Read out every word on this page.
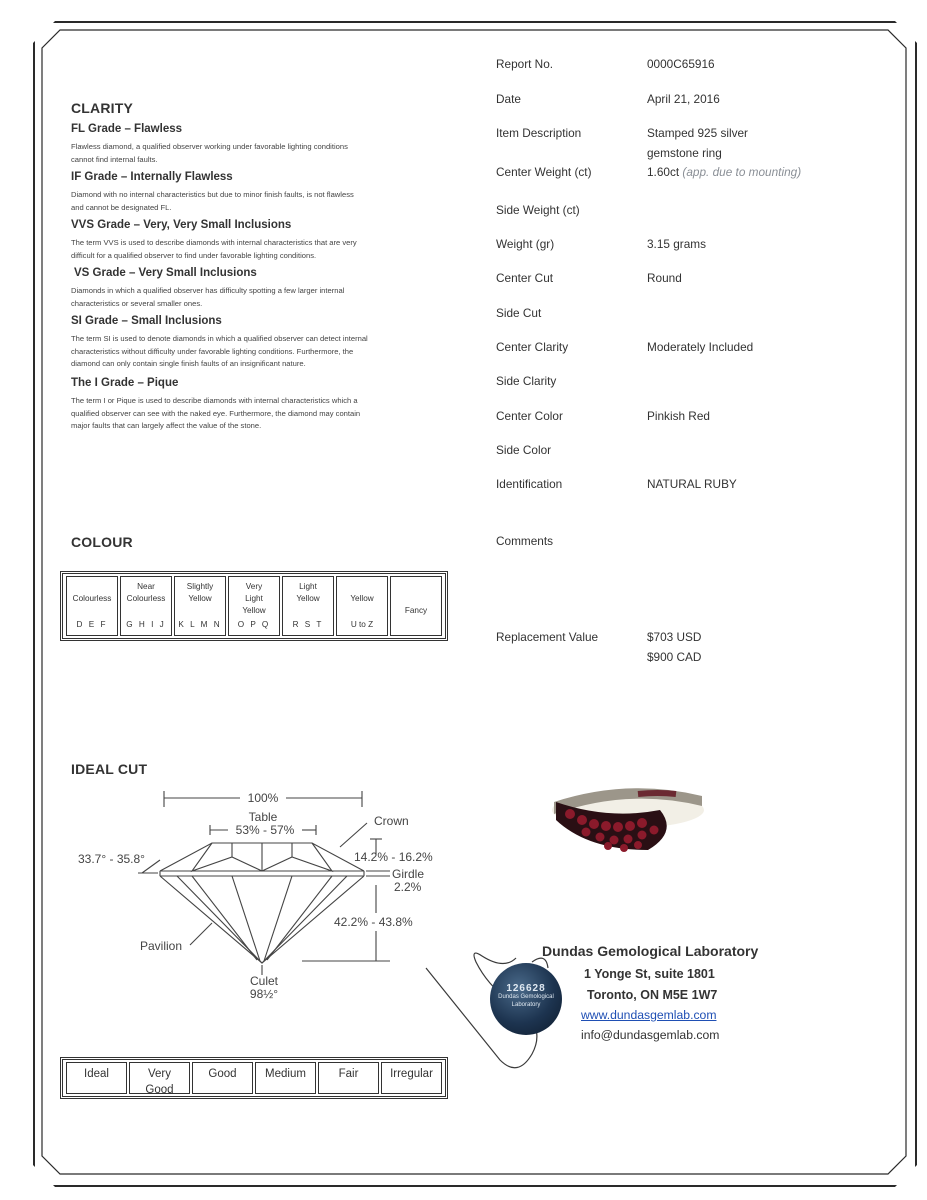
CLARITY
FL Grade – Flawless
Flawless diamond, a qualified observer working under favorable lighting conditions
cannot find internal faults.
IF Grade – Internally Flawless
Diamond with no internal characteristics but due to minor finish faults, is not flawless
and cannot be designated FL.
VVS Grade – Very, Very Small Inclusions
The term VVS is used to describe diamonds with internal characteristics that are very
difficult for a qualified observer to find under favorable lighting conditions.
VS Grade – Very Small Inclusions
Diamonds in which a qualified observer has difficulty spotting a few larger internal
characteristics or several smaller ones.
SI Grade – Small Inclusions
The term SI is used to denote diamonds in which a qualified observer can detect internal
characteristics without difficulty under favorable lighting conditions. Furthermore, the
diamond can only contain single finish faults of an insignificant nature.
The I Grade – Pique
The term I or Pique is used to describe diamonds with internal characteristics which a
qualified observer can see with the naked eye. Furthermore, the diamond may contain
major faults that can largely affect the value of the stone.
COLOUR
Colourless
D E F
Near
Colourless
G H I J
Slightly
Yellow
K L M N
Very
Light
Yellow
O P Q
Light
Yellow
R S T
Yellow
U to Z
Fancy
IDEAL CUT
100%
Table
53% - 57%
Crown
33.7° - 35.8°	14.2% - 16.2%
Girdle
2.2%
42.2% - 43.8%
Pavilion
Culet
98½°
Ideal	Very
Good
Good	Medium	Fair	Irregular
Report No.	0000C65916
Date	April 21, 2016
Item Description	Stamped 925 silver
gemstone ring
Center Weight (ct)	1.60ct (app. due to mounting)
Side Weight (ct)
Weight (gr)	3.15 grams
Center Cut	Round
Side Cut
Center Clarity	Moderately Included
Side Clarity
Center Color	Pinkish Red
Side Color
Identification	NATURAL RUBY
Comments
Replacement Value	$703 USD
$900 CAD
126628
Dundas Gemological
Laboratory
Dundas Gemological Laboratory
1 Yonge St, suite 1801
Toronto, ON M5E 1W7
www.dundasgemlab.com
info@dundasgemlab.com
